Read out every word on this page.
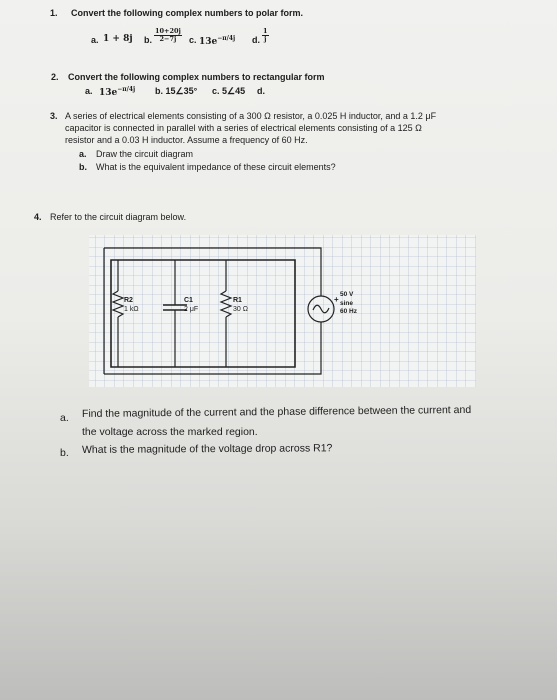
1. Convert the following complex numbers to polar form.
a. 1 + 8j b. $\frac{10+20j}{2-7j} c$. $13e^{-\pi/4j}$ d. $\frac{1}{j}$
2. Convert the following complex numbers to rectangular form
a. $13e^{-\pi/4j}$ b. 15∠35° c. 5∠45 d.
3. A series of electrical elements consisting of a 300 Ω resistor, a 0.025 H inductor, and a 1.2 μF
capacitor is connected in parallel with a series of electrical elements consisting of a 125 Ω
resistor and a 0.03 H inductor. Assume a frequency of 60 Hz.
a. Draw the circuit diagram
b. What is the equivalent impedance of these circuit elements?
4. Refer to the circuit diagram below.
+
R2
1 kΩ
C1
2 μF
R1
30 Ω
50 V
sine
60 Hz
a. Find the magnitude of the current and the phase difference between the current and
the voltage across the marked region.
b. What is the magnitude of the voltage drop across R1?
